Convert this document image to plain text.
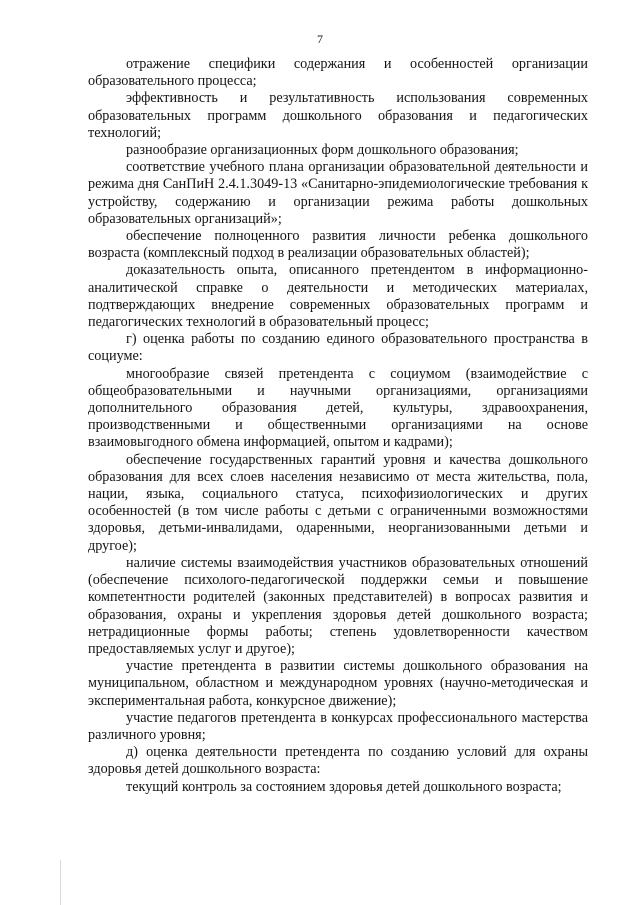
7

отражение специфики содержания и особенностей организации образовательного процесса;

эффективность и результативность использования современных образовательных программ дошкольного образования и педагогических технологий;

разнообразие организационных форм дошкольного образования;

соответствие учебного плана организации образовательной деятельности и режима дня СанПиН 2.4.1.3049-13 «Санитарно-эпидемиологические требования к устройству, содержанию и организации режима работы дошкольных образовательных организаций»;

обеспечение полноценного развития личности ребенка дошкольного возраста (комплексный подход в реализации образовательных областей);

доказательность опыта, описанного претендентом в информационно-аналитической справке о деятельности и методических материалах, подтверждающих внедрение современных образовательных программ и педагогических технологий в образовательный процесс;

г) оценка работы по созданию единого образовательного пространства в социуме:

многообразие связей претендента с социумом (взаимодействие с общеобразовательными и научными организациями, организациями дополнительного образования детей, культуры, здравоохранения, производственными и общественными организациями на основе взаимовыгодного обмена информацией, опытом и кадрами);

обеспечение государственных гарантий уровня и качества дошкольного образования для всех слоев населения независимо от места жительства, пола, нации, языка, социального статуса, психофизиологических и других особенностей (в том числе работы с детьми с ограниченными возможностями здоровья, детьми-инвалидами, одаренными, неорганизованными детьми и другое);

наличие системы взаимодействия участников образовательных отношений (обеспечение психолого-педагогической поддержки семьи и повышение компетентности родителей (законных представителей) в вопросах развития и образования, охраны и укрепления здоровья детей дошкольного возраста; нетрадиционные формы работы; степень удовлетворенности качеством предоставляемых услуг и другое);

участие претендента в развитии системы дошкольного образования на муниципальном, областном и международном уровнях (научно-методическая и экспериментальная работа, конкурсное движение);

участие педагогов претендента в конкурсах профессионального мастерства различного уровня;

д) оценка деятельности претендента по созданию условий для охраны здоровья детей дошкольного возраста:

текущий контроль за состоянием здоровья детей дошкольного возраста;
